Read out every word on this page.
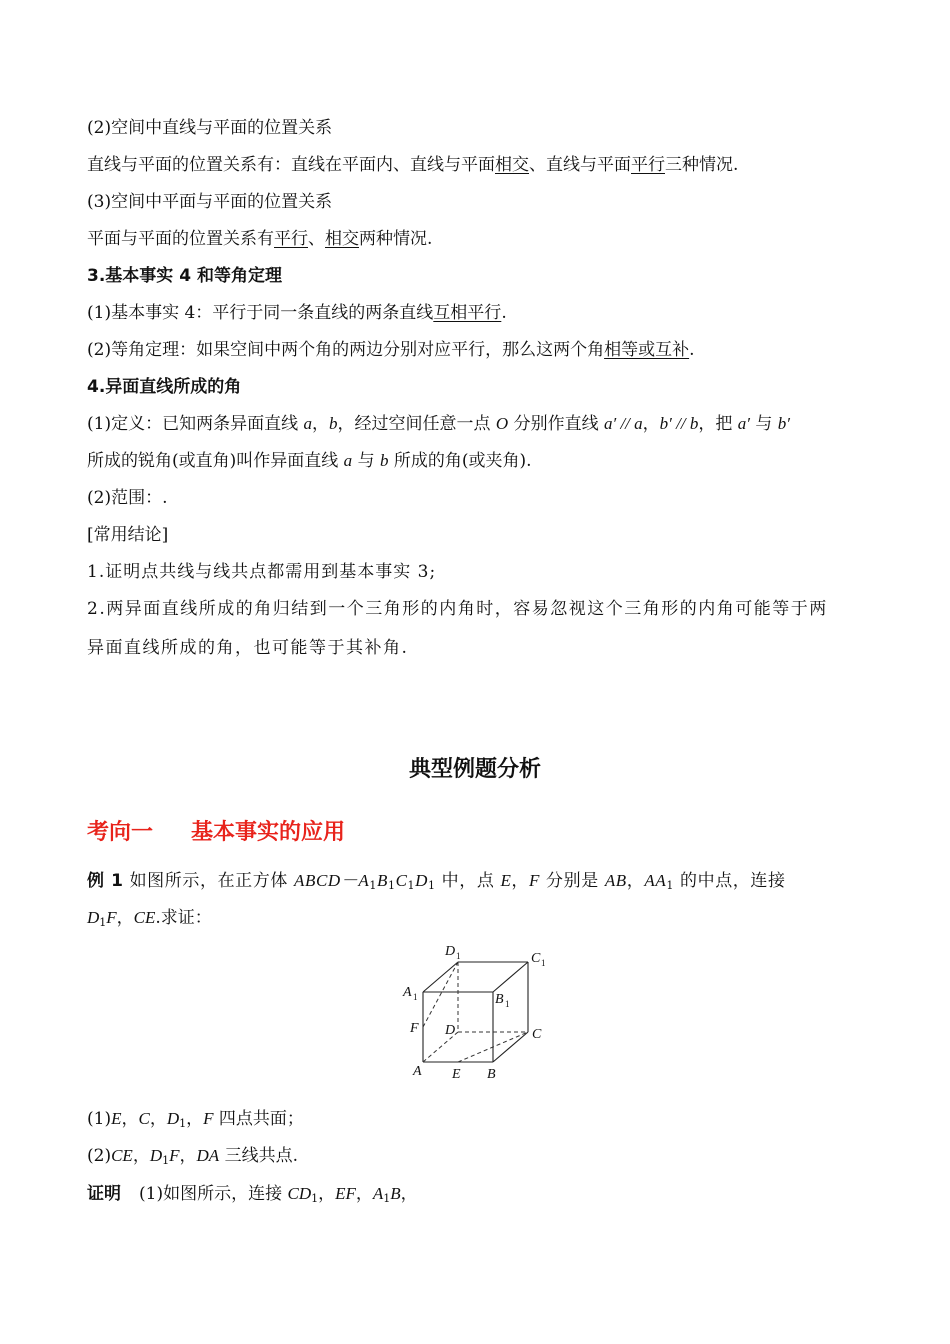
(2)空间中直线与平面的位置关系
直线与平面的位置关系有：直线在平面内、直线与平面相交、直线与平面平行三种情况.
(3)空间中平面与平面的位置关系
平面与平面的位置关系有平行、相交两种情况.
3.基本事实 4 和等角定理
(1)基本事实 4：平行于同一条直线的两条直线互相平行.
(2)等角定理：如果空间中两个角的两边分别对应平行，那么这两个角相等或互补.
4.异面直线所成的角
(1)定义：已知两条异面直线 a，b，经过空间任意一点 O 分别作直线 a′ // a，b′ // b，把 a′ 与 b′
所成的锐角(或直角)叫作异面直线 a 与 b 所成的角(或夹角).
(2)范围：.
[常用结论]
1.证明点共线与线共点都需用到基本事实 3;
2.两异面直线所成的角归结到一个三角形的内角时，容易忽视这个三角形的内角可能等于两
异面直线所成的角，也可能等于其补角.
典型例题分析
考向一 基本事实的应用
例 1 如图所示，在正方体 $ABCD-A_1B_1C_1D_1$ 中，点 E，F 分别是 AB，$AA_1$ 的中点，连接
$D_1F$，CE.求证：
D 1	C 1
A 1	B 1
F D	C
A E B
(1)E，C，$D_1$，F 四点共面；
(2)CE，$D_1F$，DA 三线共点.
证明 (1)如图所示，连接 $CD_1$，EF，$A_1B$，
